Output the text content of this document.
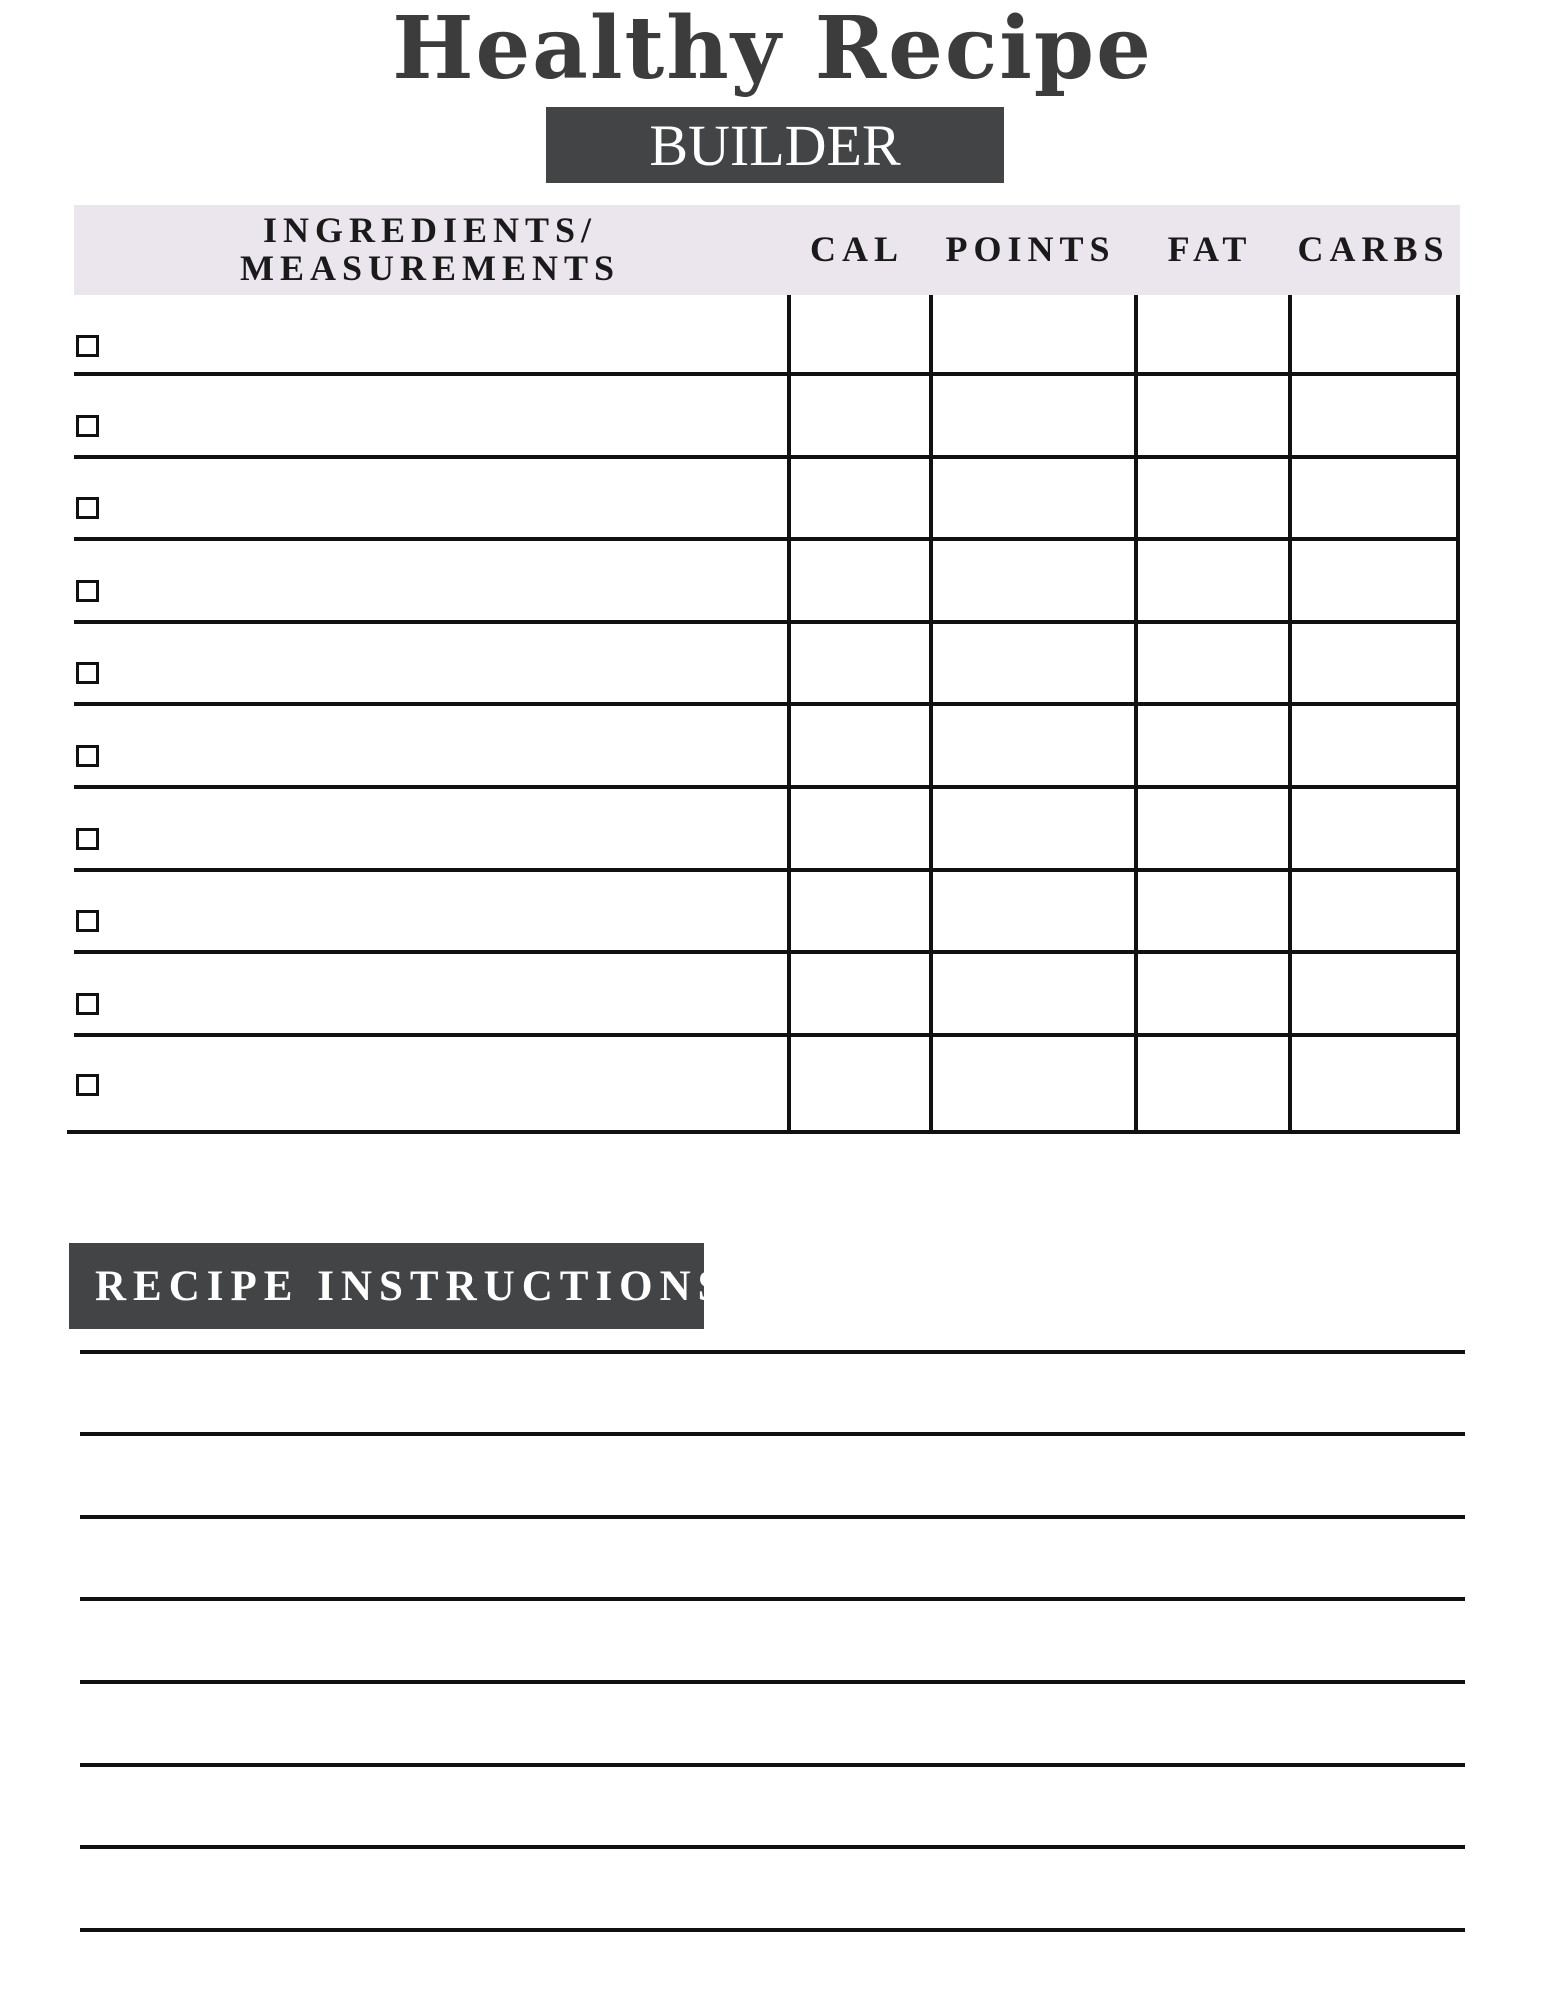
Healthy Recipe
BUILDER
INGREDIENTS/
MEASUREMENTS	CAL POINTS FAT CARBS
RECIPE INSTRUCTIONS
